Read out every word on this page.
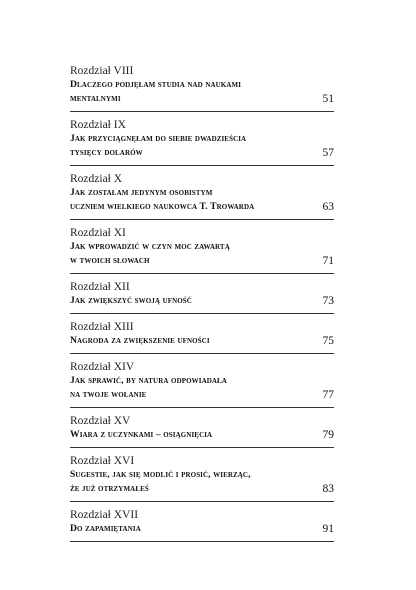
Rozdział VIII
Dlaczego podjęłam studia nad naukami
mentalnymi	51
Rozdział IX
Jak przyciągnęłam do siebie dwadzieścia
tysięcy dolarów	57
Rozdział X
Jak zostałam jedynym osobistym
uczniem wielkiego naukowca T. Trowarda	63
Rozdział XI
Jak wprowadzić w czyn moc zawartą
w twoich słowach	71
Rozdział XII
Jak zwiększyć swoją ufność	73
Rozdział XIII
Nagroda za zwiększenie ufności	75
Rozdział XIV
Jak sprawić, by natura odpowiadała
na twoje wołanie	77
Rozdział XV
Wiara z uczynkami – osiągnięcia	79
Rozdział XVI
Sugestie, jak się modlić i prosić, wierząc,
że już otrzymałeś	83
Rozdział XVII
Do zapamiętania	91
